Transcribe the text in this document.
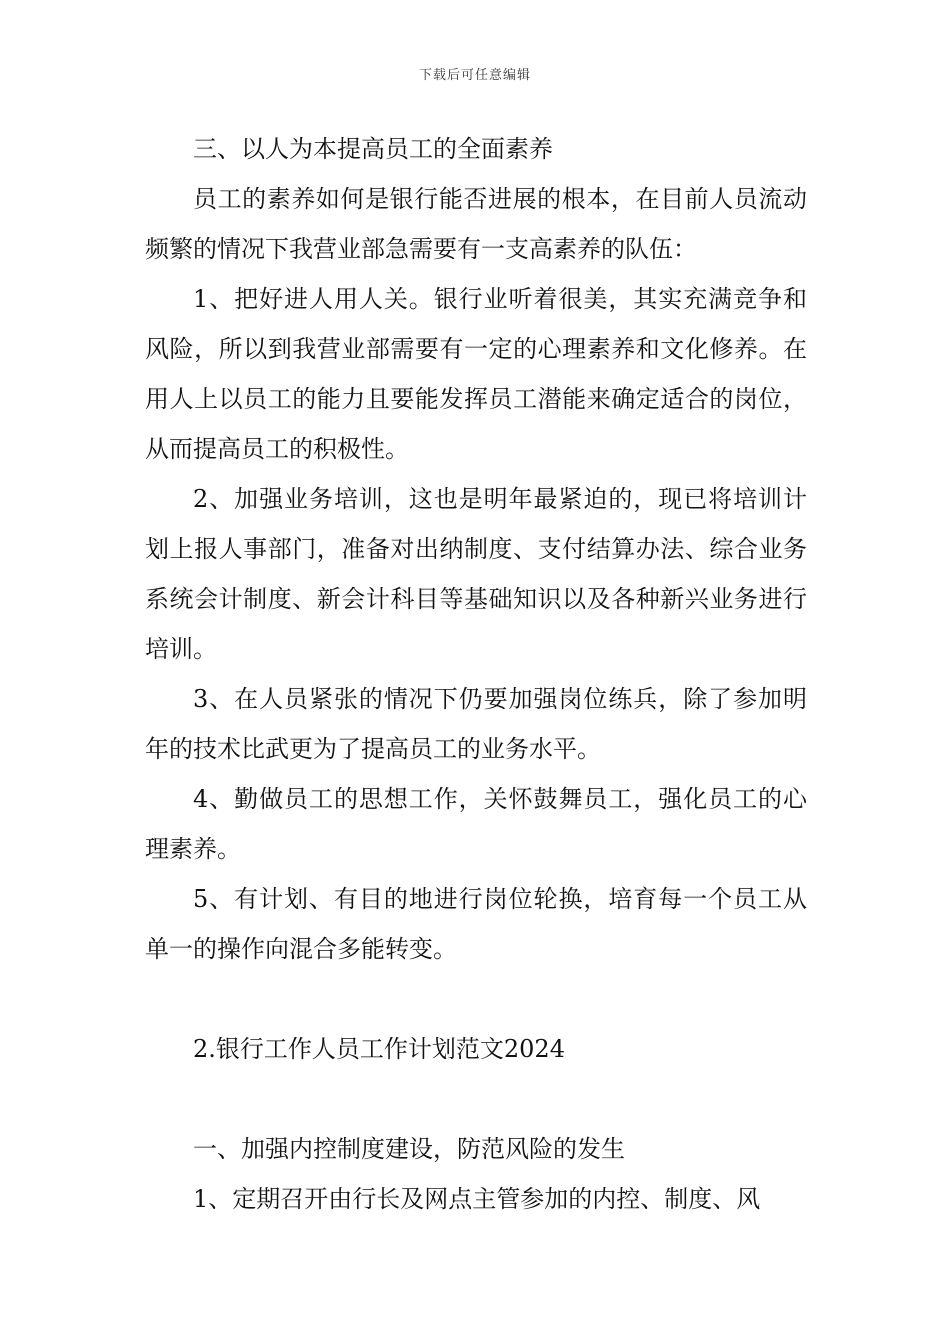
下载后可任意编辑

三、以人为本提高员工的全面素养

员工的素养如何是银行能否进展的根本，在目前人员流动频繁的情况下我营业部急需要有一支高素养的队伍：

1、把好进人用人关。银行业听着很美，其实充满竞争和风险，所以到我营业部需要有一定的心理素养和文化修养。在用人上以员工的能力且要能发挥员工潜能来确定适合的岗位，从而提高员工的积极性。

2、加强业务培训，这也是明年最紧迫的，现已将培训计划上报人事部门，准备对出纳制度、支付结算办法、综合业务系统会计制度、新会计科目等基础知识以及各种新兴业务进行培训。

3、在人员紧张的情况下仍要加强岗位练兵，除了参加明年的技术比武更为了提高员工的业务水平。

4、勤做员工的思想工作，关怀鼓舞员工，强化员工的心理素养。

5、有计划、有目的地进行岗位轮换，培育每一个员工从单一的操作向混合多能转变。

2.银行工作人员工作计划范文2024

一、加强内控制度建设，防范风险的发生

1、定期召开由行长及网点主管参加的内控、制度、风
